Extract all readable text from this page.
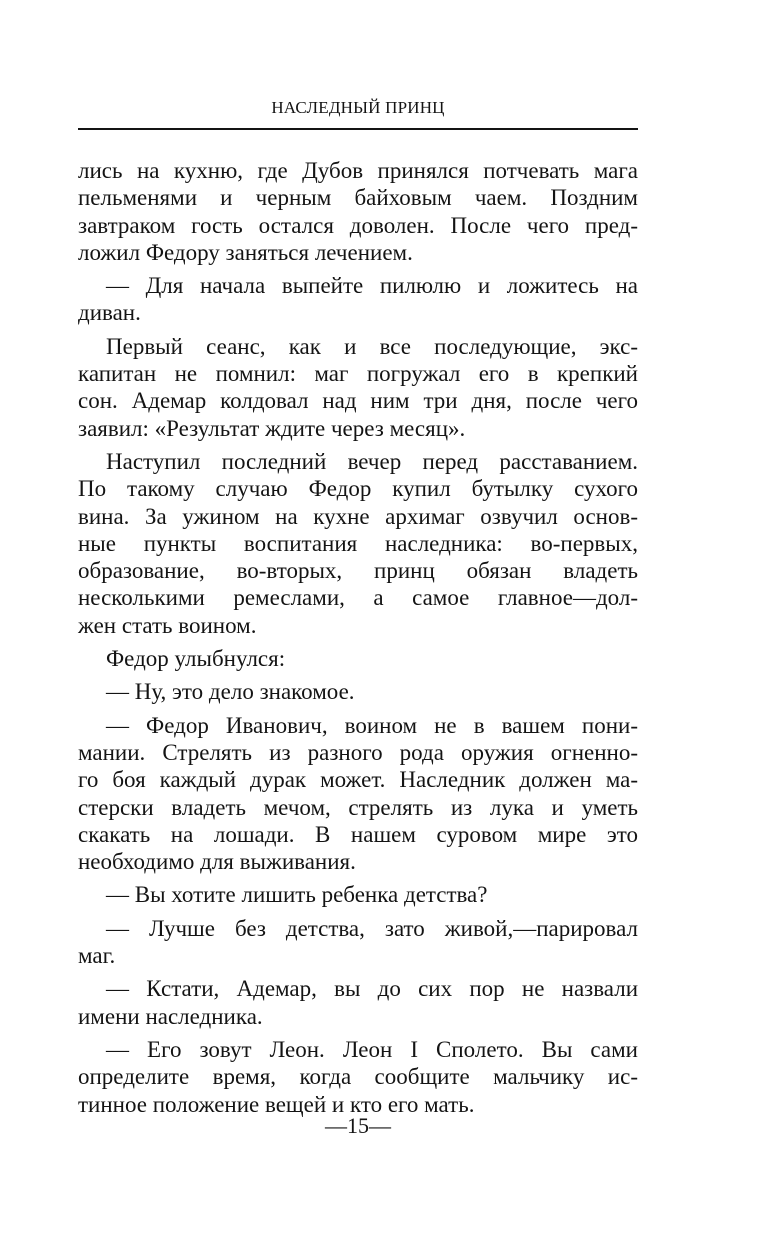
НАСЛЕДНЫЙ ПРИНЦ
лись на кухню, где Дубов принялся потчевать мага
пельменями и черным байховым чаем. Поздним
завтраком гость остался доволен. После чего пред-
ложил Федору заняться лечением.
— Для начала выпейте пилюлю и ложитесь на
диван.
Первый сеанс, как и все последующие, экс-
капитан не помнил: маг погружал его в крепкий
сон. Адемар колдовал над ним три дня, после чего
заявил: «Результат ждите через месяц».
Наступил последний вечер перед расставанием.
По такому случаю Федор купил бутылку сухого
вина. За ужином на кухне архимаг озвучил основ-
ные пункты воспитания наследника: во-первых,
образование, во-вторых, принц обязан владеть
несколькими ремеслами, а самое главное—дол-
жен стать воином.
Федор улыбнулся:
— Ну, это дело знакомое.
— Федор Иванович, воином не в вашем пони-
мании. Стрелять из разного рода оружия огненно-
го боя каждый дурак может. Наследник должен ма-
стерски владеть мечом, стрелять из лука и уметь
скакать на лошади. В нашем суровом мире это
необходимо для выживания.
— Вы хотите лишить ребенка детства?
— Лучше без детства, зато живой,—парировал
маг.
— Кстати, Адемар, вы до сих пор не назвали
имени наследника.
— Его зовут Леон. Леон I Сполето. Вы сами
определите время, когда сообщите мальчику ис-
тинное положение вещей и кто его мать.
—15—
